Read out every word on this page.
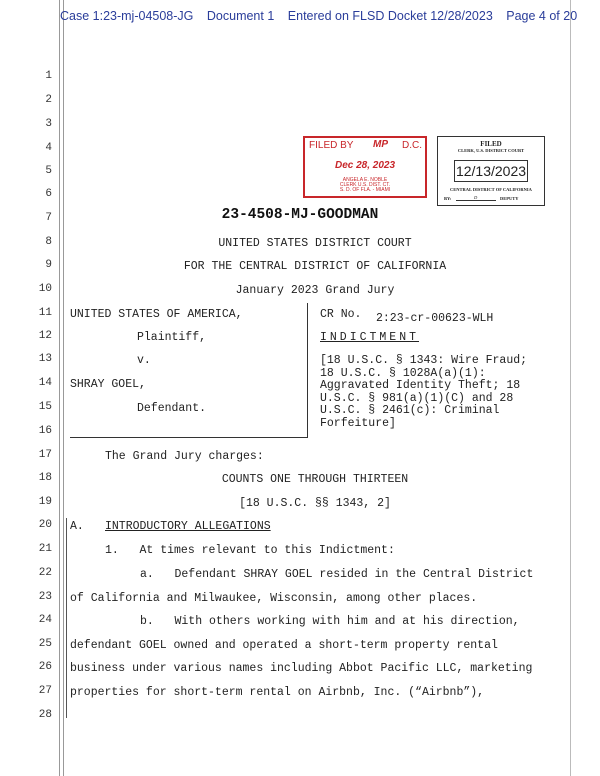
Case 1:23-mj-04508-JG Document 1 Entered on FLSD Docket 12/28/2023 Page 4 of 20
1
2
3
4
5
6
7
8
9
10
11
12
13
14
15
16
17
18
19
20
21
22
23
24
25
26
27
28
FILED BY MP D.C.
Dec 28, 2023
ANGELA E. NOBLE
CLERK U.S. DIST. CT.
S. D. OF FLA. - MIAMI
FILED
CLERK, U.S. DISTRICT COURT
12/13/2023
CENTRAL DISTRICT OF CALIFORNIA
BY:	D	DEPUTY
23-4508-MJ-GOODMAN
UNITED STATES DISTRICT COURT
FOR THE CENTRAL DISTRICT OF CALIFORNIA
January 2023 Grand Jury
UNITED STATES OF AMERICA,
Plaintiff,
v.
SHRAY GOEL,
Defendant.
CR No. 2:23-cr-00623-WLH
INDICTMENT
[18 U.S.C. § 1343: Wire Fraud;
18 U.S.C. § 1028A(a)(1):
Aggravated Identity Theft; 18
U.S.C. § 981(a)(1)(C) and 28
U.S.C. § 2461(c): Criminal
Forfeiture]
The Grand Jury charges:
COUNTS ONE THROUGH THIRTEEN
[18 U.S.C. §§ 1343, 2]
A. INTRODUCTORY ALLEGATIONS
1.   At times relevant to this Indictment:
a.   Defendant SHRAY GOEL resided in the Central District
of California and Milwaukee, Wisconsin, among other places.
b.   With others working with him and at his direction,
defendant GOEL owned and operated a short-term property rental
business under various names including Abbot Pacific LLC, marketing
properties for short-term rental on Airbnb, Inc. (“Airbnb”),
